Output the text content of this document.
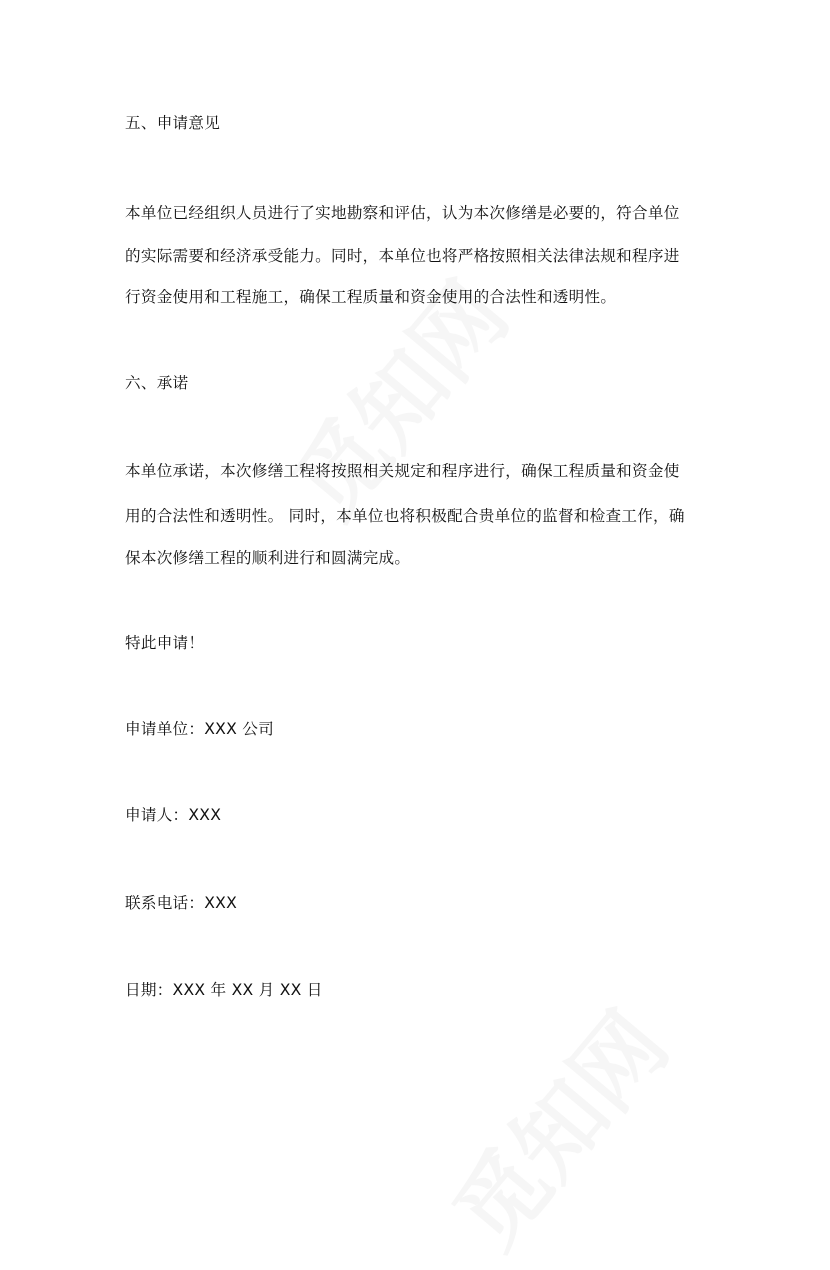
五、申请意见
本单位已经组织人员进行了实地勘察和评估，认为本次修缮是必要的，符合单位
的实际需要和经济承受能力。同时，本单位也将严格按照相关法律法规和程序进
行资金使用和工程施工，确保工程质量和资金使用的合法性和透明性。
六、承诺
本单位承诺，本次修缮工程将按照相关规定和程序进行，确保工程质量和资金使
用的合法性和透明性。 同时，本单位也将积极配合贵单位的监督和检查工作，确
保本次修缮工程的顺利进行和圆满完成。
特此申请！
申请单位：XXX 公司
申请人：XXX
联系电话：XXX
日期：XXX 年 XX 月 XX 日
